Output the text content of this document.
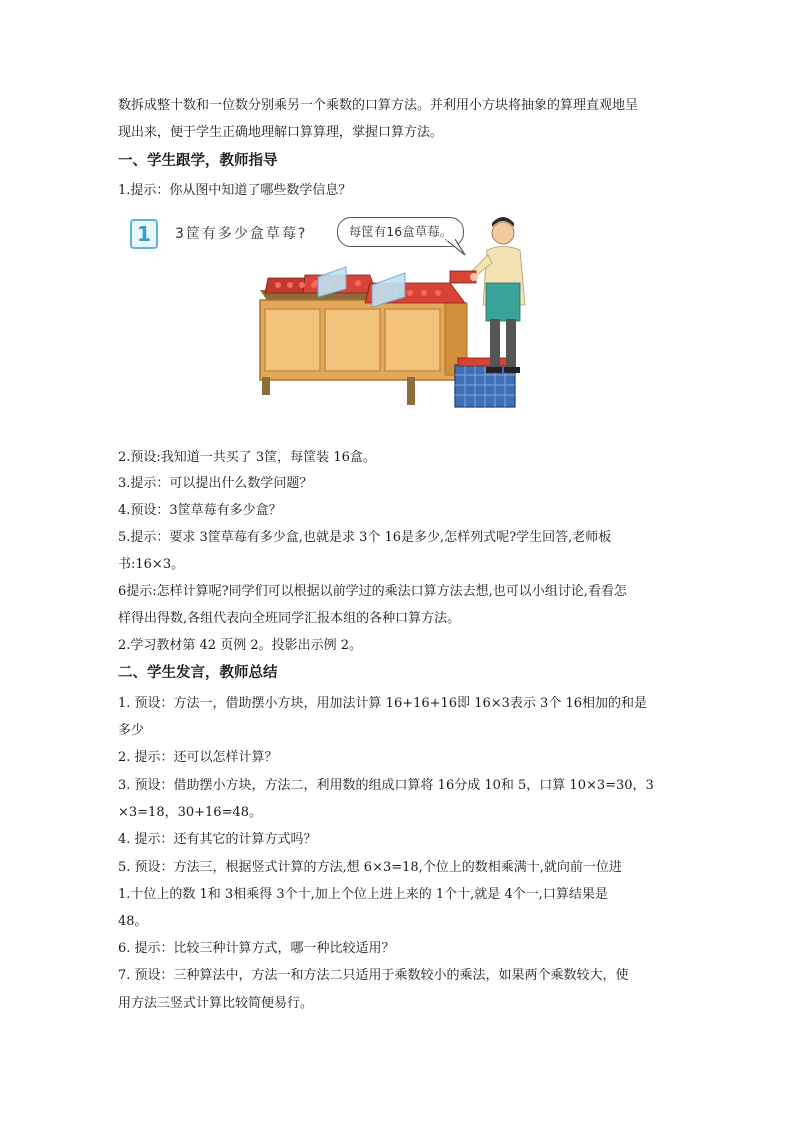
数拆成整十数和一位数分别乘另一个乘数的口算方法。并利用小方块将抽象的算理直观地呈
现出来，便于学生正确地理解口算算理，掌握口算方法。
一、学生跟学，教师指导
1.提示：你从图中知道了哪些数学信息？
1	3筐有多少盒草莓?	每筐有16盒草莓。
2.预设:我知道一共买了 3筐，每筐装 16盒。
3.提示：可以提出什么数学问题？
4.预设：3筐草莓有多少盒？
5.提示：要求 3筐草莓有多少盒,也就是求 3个 16是多少,怎样列式呢?学生回答,老师板
书:16×3。
6提示:怎样计算呢?同学们可以根据以前学过的乘法口算方法去想,也可以小组讨论,看看怎
样得出得数,各组代表向全班同学汇报本组的各种口算方法。
2.学习教材第 42 页例 2。投影出示例 2。
二、学生发言，教师总结
1. 预设：方法一，借助摆小方块，用加法计算 16+16+16即 16×3表示 3个 16相加的和是
多少
2. 提示：还可以怎样计算？
3. 预设：借助摆小方块，方法二，利用数的组成口算将 16分成 10和 5，口算 10×3=30，3
×3=18，30+16=48。
4. 提示：还有其它的计算方式吗？
5. 预设：方法三，根据竖式计算的方法,想 6×3=18,个位上的数相乘满十,就向前一位进
1.十位上的数 1和 3相乘得 3个十,加上个位上进上来的 1个十,就是 4个一,口算结果是
48。
6. 提示：比较三种计算方式，哪一种比较适用？
7. 预设：三种算法中，方法一和方法二只适用于乘数较小的乘法，如果两个乘数较大，使
用方法三竖式计算比较简便易行。
